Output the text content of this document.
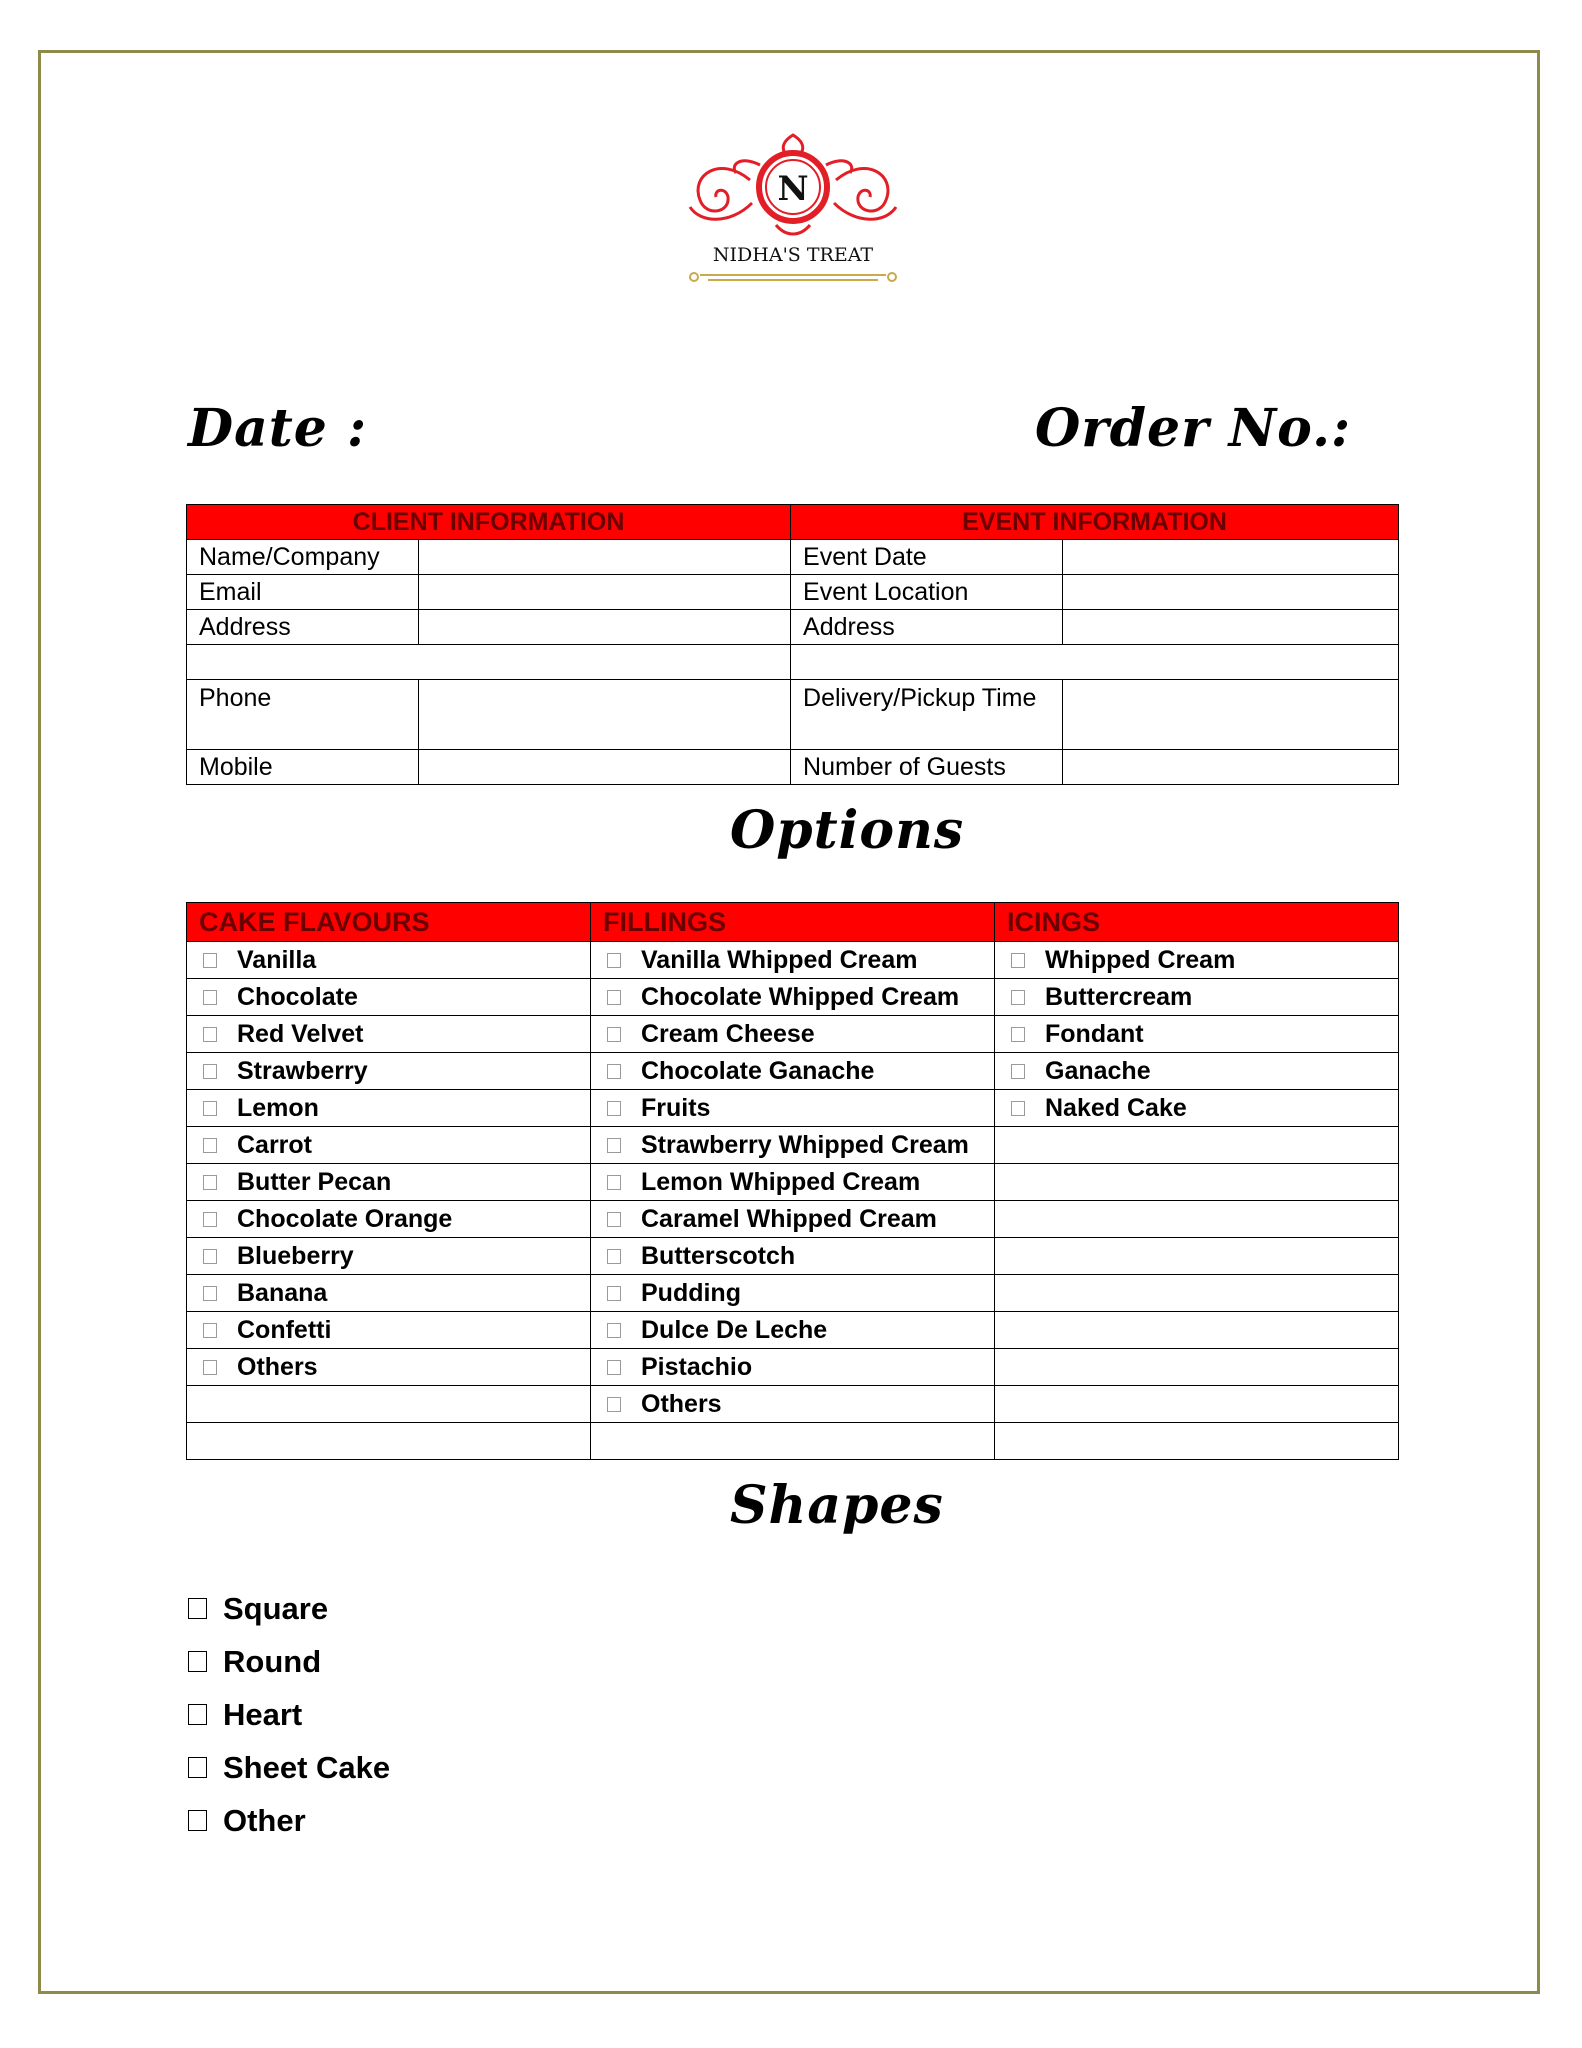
N
NIDHA'S TREAT
Date :	Order No.:
CLIENT INFORMATION		EVENT INFORMATION	
Name/Company		Event Date	
Email		Event Location	
Address		Address	

Phone		Delivery/Pickup Time	
Mobile		Number of Guests	
Options
CAKE FLAVOURS	FILLINGS	ICINGS
Vanilla	Vanilla Whipped Cream	Whipped Cream
Chocolate	Chocolate Whipped Cream	Buttercream
Red Velvet	Cream Cheese	Fondant
Strawberry	Chocolate Ganache	Ganache
Lemon	Fruits	Naked Cake
Carrot	Strawberry Whipped Cream	
Butter Pecan	Lemon Whipped Cream	
Chocolate Orange	Caramel Whipped Cream	
Blueberry	Butterscotch	
Banana	Pudding	
Confetti	Dulce De Leche	
Others	Pistachio	
	Others	

Shapes
Square
Round
Heart
Sheet Cake
Other
